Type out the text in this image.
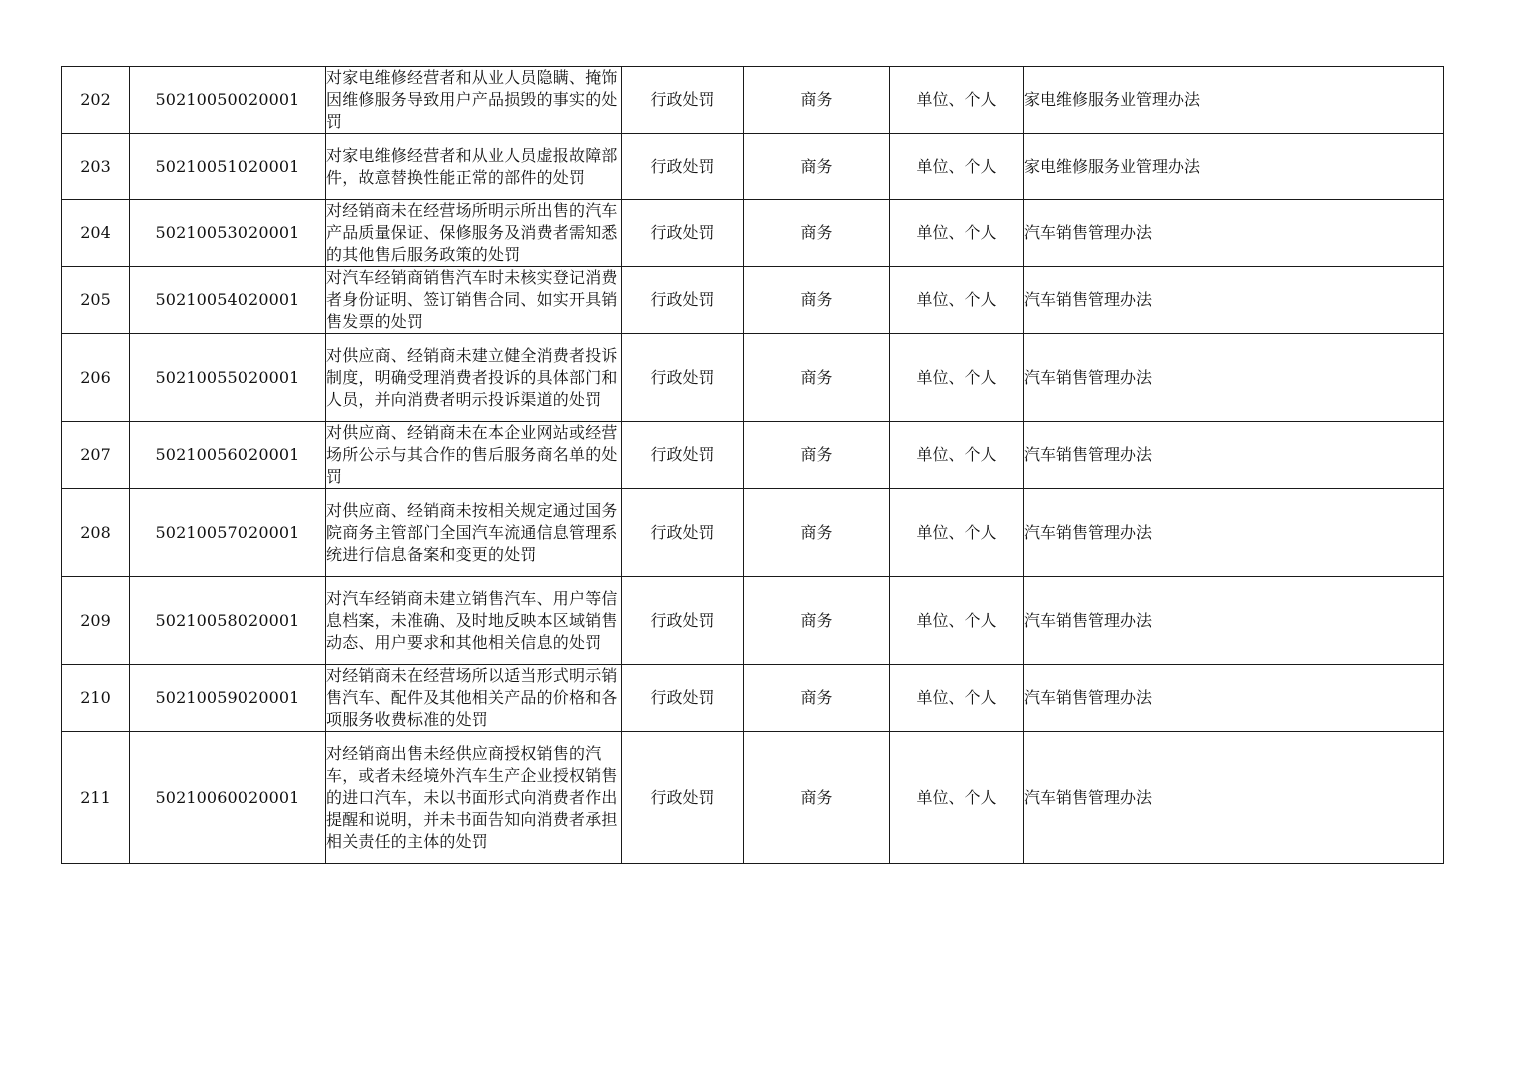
202	50210050020001	对家电维修经营者和从业人员隐瞒、掩饰因维修服务导致用户产品损毁的事实的处罚	行政处罚	商务	单位、个人	家电维修服务业管理办法
203	50210051020001	对家电维修经营者和从业人员虚报故障部件，故意替换性能正常的部件的处罚	行政处罚	商务	单位、个人	家电维修服务业管理办法
204	50210053020001	对经销商未在经营场所明示所出售的汽车产品质量保证、保修服务及消费者需知悉的其他售后服务政策的处罚	行政处罚	商务	单位、个人	汽车销售管理办法
205	50210054020001	对汽车经销商销售汽车时未核实登记消费者身份证明、签订销售合同、如实开具销售发票的处罚	行政处罚	商务	单位、个人	汽车销售管理办法
206	50210055020001	对供应商、经销商未建立健全消费者投诉制度，明确受理消费者投诉的具体部门和人员，并向消费者明示投诉渠道的处罚	行政处罚	商务	单位、个人	汽车销售管理办法
207	50210056020001	对供应商、经销商未在本企业网站或经营场所公示与其合作的售后服务商名单的处罚	行政处罚	商务	单位、个人	汽车销售管理办法
208	50210057020001	对供应商、经销商未按相关规定通过国务院商务主管部门全国汽车流通信息管理系统进行信息备案和变更的处罚	行政处罚	商务	单位、个人	汽车销售管理办法
209	50210058020001	对汽车经销商未建立销售汽车、用户等信息档案，未准确、及时地反映本区域销售动态、用户要求和其他相关信息的处罚	行政处罚	商务	单位、个人	汽车销售管理办法
210	50210059020001	对经销商未在经营场所以适当形式明示销售汽车、配件及其他相关产品的价格和各项服务收费标准的处罚	行政处罚	商务	单位、个人	汽车销售管理办法
211	50210060020001	对经销商出售未经供应商授权销售的汽车，或者未经境外汽车生产企业授权销售的进口汽车，未以书面形式向消费者作出提醒和说明，并未书面告知向消费者承担相关责任的主体的处罚	行政处罚	商务	单位、个人	汽车销售管理办法
